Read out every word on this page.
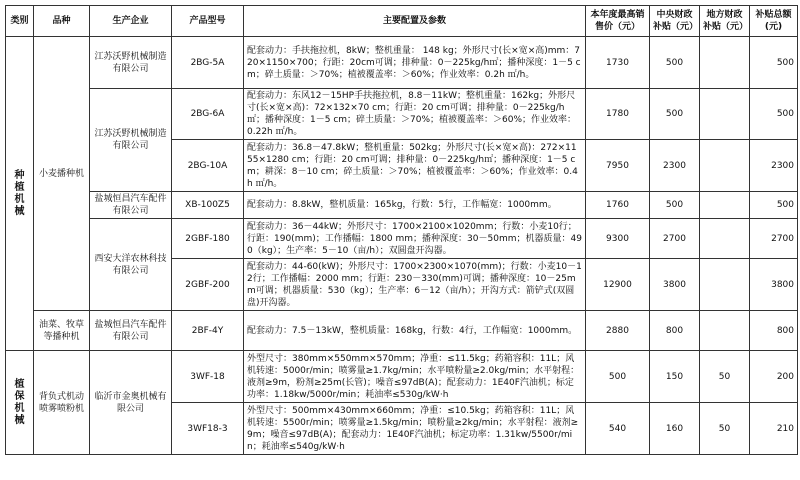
类别	品种	生产企业	产品型号	主要配置及参数	本年度最高销售价（元）	中央财政补贴（元）	地方财政补贴（元）	补贴总额(元)

种
植
机
械	小麦播种机	江苏沃野机械制造有限公司	2BG-5A	配套动力：手扶拖拉机，8kW；整机重量： 148 kg；外形尺寸(长×宽×高)mm：720×1150×700；行距：20cm可调；排种量：0－225kg/h㎡；播种深度：1－5 cm；碎土质量：＞70%；植被覆盖率：＞60%；作业效率：0.2h ㎡/h。	1730	500		500
		江苏沃野机械制造有限公司	2BG-6A	配套动力：东风12－15HP手扶拖拉机，8.8－11kW；整机重量：162kg；外形尺寸(长×宽×高)：72×132×70 cm；行距：20 cm可调；排种量：0－225kg/h㎡；播种深度：1－5 cm；碎土质量：＞70%；植被覆盖率：＞60%；作业效率：0.22h ㎡/h。	1780	500		500
			2BG-10A	配套动力：36.8－47.8kW；整机重量：502kg；外形尺寸(长×宽×高)：272×1155×1280 cm；行距：20 cm可调；排种量：0－225kg/h㎡；播种深度：1－5 cm；耕深：8－10 cm；碎土质量：＞70%；植被覆盖率：＞60%；作业效率：0.4h ㎡/h。	7950	2300		2300
		盐城恒昌汽车配件有限公司	XB-100Z5	配套动力：8.8kW，整机质量：165kg，行数：5行，工作幅宽：1000mm。	1760	500		500
		西安大洋农林科技有限公司	2GBF-180	配套动力：36－44kW；外形尺寸：1700×2100×1020mm；行数：小麦10行；行距：190(mm)；工作播幅：1800 mm；播种深度：30－50mm；机器质量：490（kg）；生产率：5－10（亩/h）；双圆盘开沟器。	9300	2700		2700
			2GBF-200	配套动力：44-60(kW)；外形尺寸：1700×2300×1070(mm)；行数：小麦10－12行；工作播幅：2000 mm；行距：230－330(mm)可调；播种深度：10－25mm可调；机器质量：530（kg）；生产率：6－12（亩/h）；开沟方式：箭铲式(双圆盘)开沟器。	12900	3800		3800
	油菜、牧草等播种机	盐城恒昌汽车配件有限公司	2BF-4Y	配套动力：7.5－13kW，整机质量：168kg，行数：4行，工作幅宽：1000mm。	2880	800		800

植
保
机
械	背负式机动喷雾喷粉机	临沂市金奥机械有限公司	3WF-18	外型尺寸：380mm×550mm×570mm；净重：≤11.5kg；药箱容积：11L；风机转速：5000r/min；喷雾量≥1.7kg/min；水平喷粉量≥2.0kg/min；水平射程：液剂≥9m，粉剂≥25m(长管)；噪音≤97dB(A)；配套动力：1E40F汽油机；标定功率：1.18kw/5000r/min；耗油率≤530g/kW·h	500	150	50	200
			3WF18-3	外型尺寸：500mm×430mm×660mm；净重：≤10.5kg；药箱容积：11L；风机转速：5500r/min；喷雾量≥1.5kg/min；喷粉量≥2kg/min；水平射程：液剂≥9m；噪音≤97dB(A)；配套动力：1E40F汽油机；标定功率：1.31kw/5500r/min；耗油率≤540g/kW·h	540	160	50	210
